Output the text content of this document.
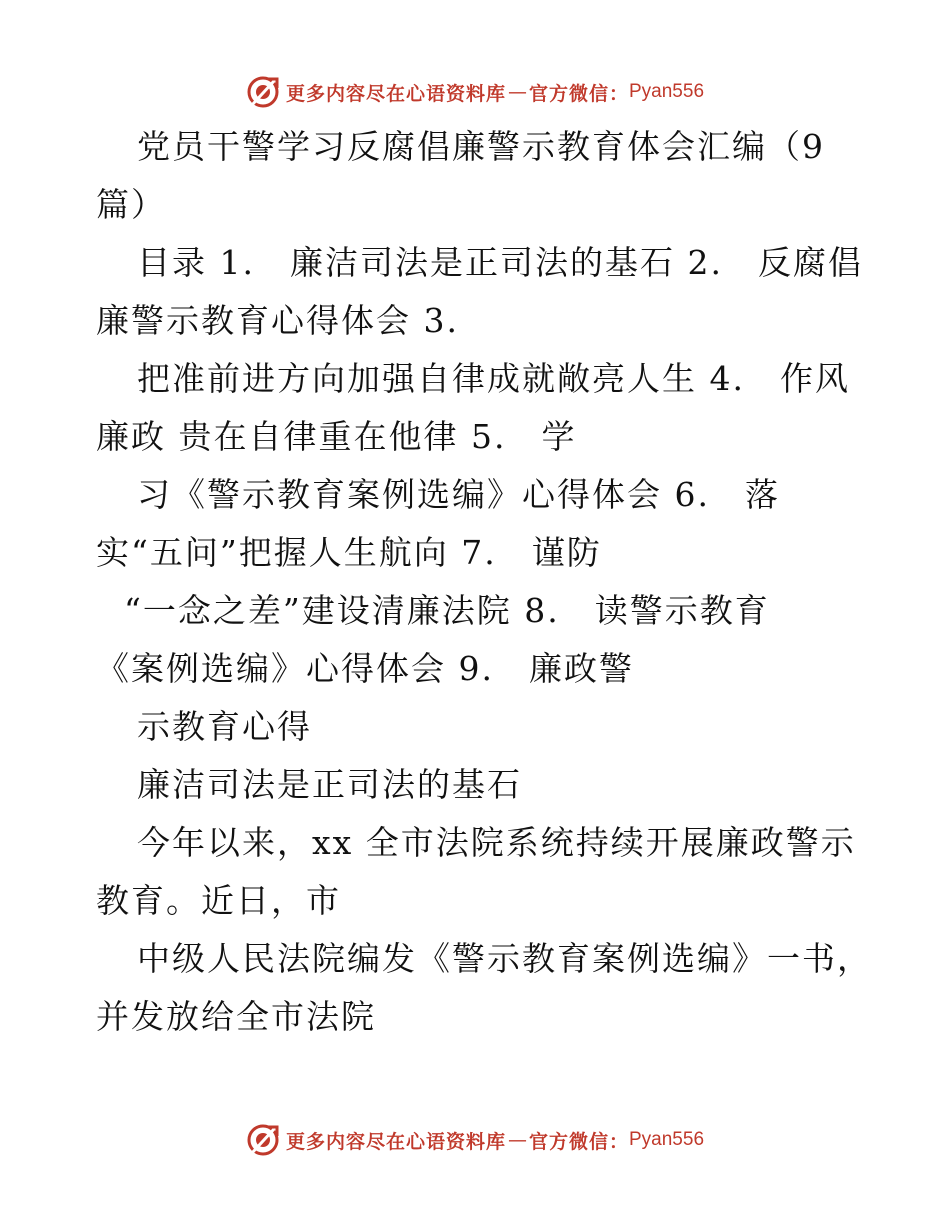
更多内容尽在心语资料库 — 官方微信： Pyan556
党员干警学习反腐倡廉警示教育体会汇编（9
篇）
目录 1.　廉洁司法是正司法的基石 2.　反腐倡
廉警示教育心得体会 3.
把准前进方向加强自律成就敞亮人生 4.　作风
廉政 贵在自律重在他律 5.　学
习《警示教育案例选编》心得体会 6.　落
实“五问”把握人生航向 7.　谨防
“一念之差”建设清廉法院 8.　读警示教育
《案例选编》心得体会 9.　廉政警
示教育心得
廉洁司法是正司法的基石
今年以来，xx 全市法院系统持续开展廉政警示
教育。近日，市
中级人民法院编发《警示教育案例选编》一书，
并发放给全市法院
更多内容尽在心语资料库 — 官方微信： Pyan556
